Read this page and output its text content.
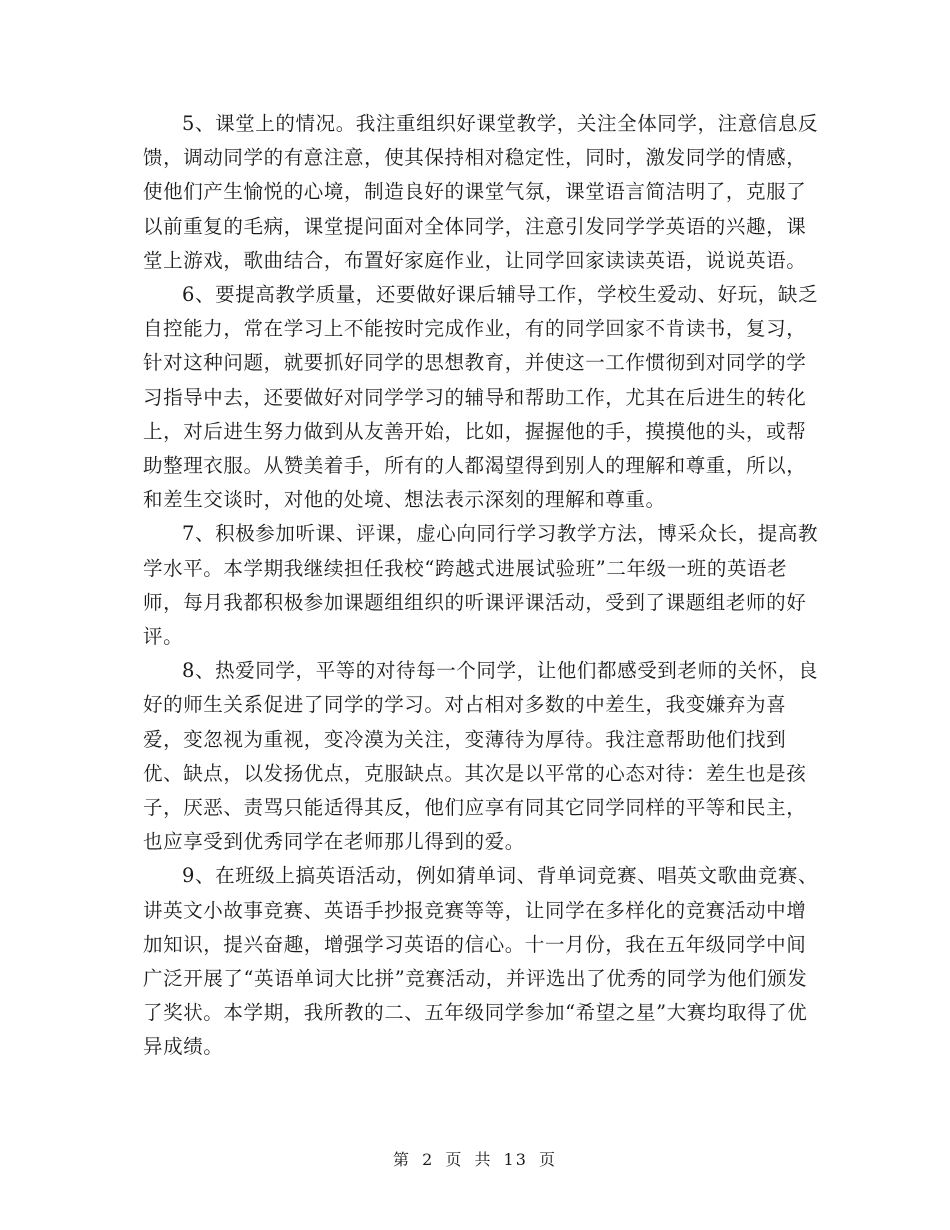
5、课堂上的情况。我注重组织好课堂教学，关注全体同学，注意信息反馈，调动同学的有意注意，使其保持相对稳定性，同时，激发同学的情感，使他们产生愉悦的心境，制造良好的课堂气氛，课堂语言简洁明了，克服了以前重复的毛病，课堂提问面对全体同学，注意引发同学学英语的兴趣，课堂上游戏，歌曲结合，布置好家庭作业，让同学回家读读英语，说说英语。

6、要提高教学质量，还要做好课后辅导工作，学校生爱动、好玩，缺乏自控能力，常在学习上不能按时完成作业，有的同学回家不肯读书，复习，针对这种问题，就要抓好同学的思想教育，并使这一工作惯彻到对同学的学习指导中去，还要做好对同学学习的辅导和帮助工作，尤其在后进生的转化上，对后进生努力做到从友善开始，比如，握握他的手，摸摸他的头，或帮助整理衣服。从赞美着手，所有的人都渴望得到别人的理解和尊重，所以，和差生交谈时，对他的处境、想法表示深刻的理解和尊重。

7、积极参加听课、评课，虚心向同行学习教学方法，博采众长，提高教学水平。本学期我继续担任我校“跨越式进展试验班”二年级一班的英语老师，每月我都积极参加课题组组织的听课评课活动，受到了课题组老师的好评。

8、热爱同学，平等的对待每一个同学，让他们都感受到老师的关怀，良好的师生关系促进了同学的学习。对占相对多数的中差生，我变嫌弃为喜爱，变忽视为重视，变冷漠为关注，变薄待为厚待。我注意帮助他们找到优、缺点，以发扬优点，克服缺点。其次是以平常的心态对待：差生也是孩子，厌恶、责骂只能适得其反，他们应享有同其它同学同样的平等和民主，也应享受到优秀同学在老师那儿得到的爱。

9、在班级上搞英语活动，例如猜单词、背单词竞赛、唱英文歌曲竞赛、讲英文小故事竞赛、英语手抄报竞赛等等，让同学在多样化的竞赛活动中增加知识，提兴奋趣，增强学习英语的信心。十一月份，我在五年级同学中间广泛开展了“英语单词大比拼”竞赛活动，并评选出了优秀的同学为他们颁发了奖状。本学期，我所教的二、五年级同学参加“希望之星”大赛均取得了优异成绩。

第 2 页 共 13 页
